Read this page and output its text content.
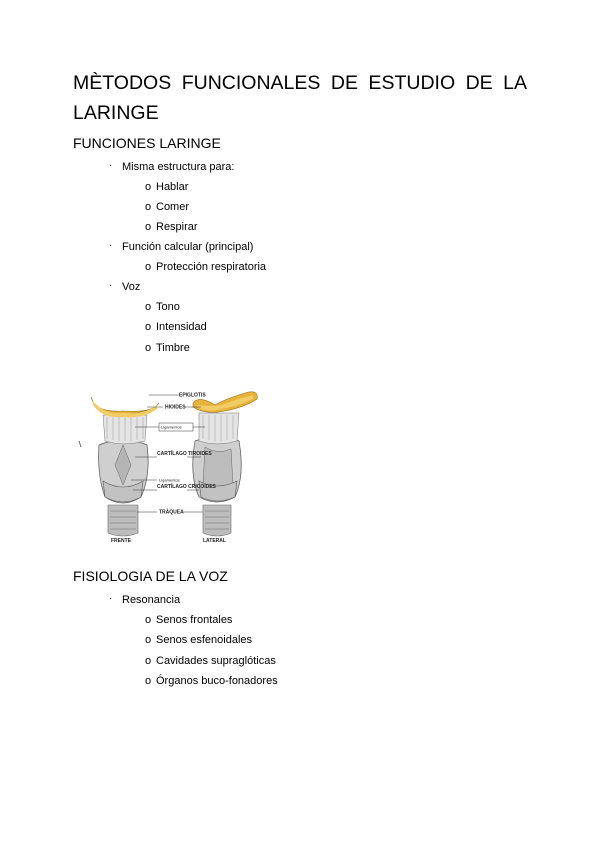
MÈTODOS FUNCIONALES DE ESTUDIO DE LA
LARINGE
FUNCIONES LARINGE
· Misma estructura para:
o Hablar
o Comer
o Respirar
· Función calcular (principal)
o Protección respiratoria
· Voz
o Tono
o Intensidad
o Timbre
EPIGLOTIS
HIOIDES
Ligamentos
CARTÍLAGO TIROIDES
Ligamentos
CARTÍLAGO CRICOIDES
TRÁQUEA
FRENTE	LATERAL
FISIOLOGIA DE LA VOZ
· Resonancia
o Senos frontales
o Senos esfenoidales
o Cavidades supraglóticas
o Órganos buco-fonadores
